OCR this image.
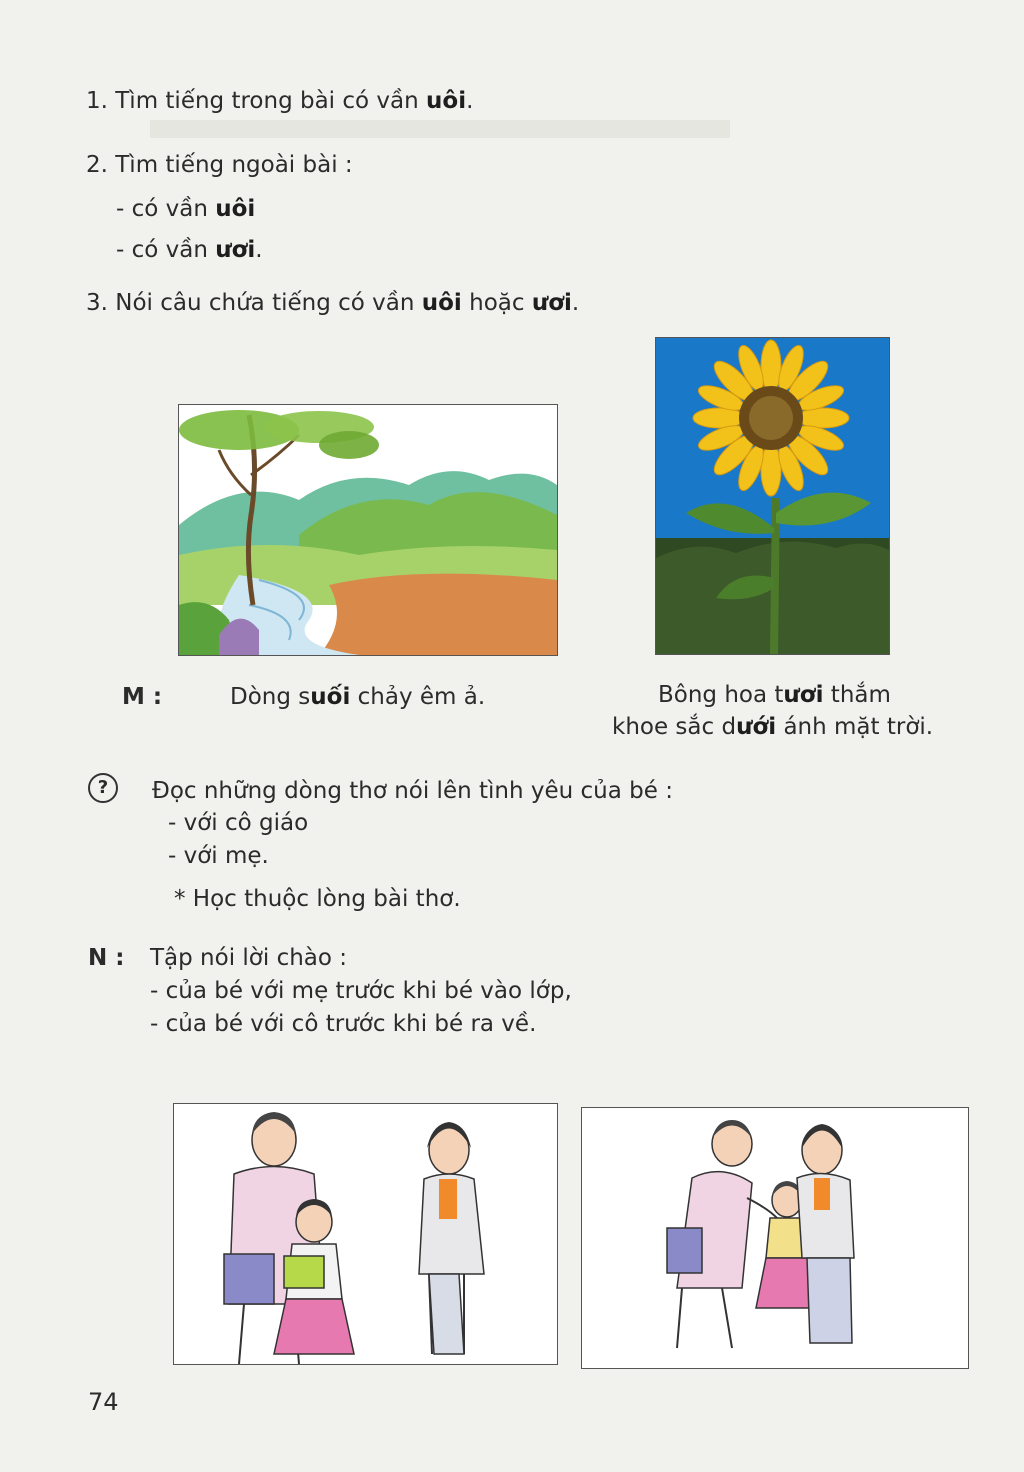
1. Tìm tiếng trong bài có vần uôi.
2. Tìm tiếng ngoài bài :
- có vần uôi
- có vần ươi.
3. Nói câu chứa tiếng có vần uôi hoặc ươi.
M :	Dòng suối chảy êm ả.	Bông hoa tươi thắm
khoe sắc dưới ánh mặt trời.
?	Đọc những dòng thơ nói lên tình yêu của bé :
- với cô giáo
- với mẹ.
* Học thuộc lòng bài thơ.
N : Tập nói lời chào :
- của bé với mẹ trước khi bé vào lớp,
- của bé với cô trước khi bé ra về.
74
